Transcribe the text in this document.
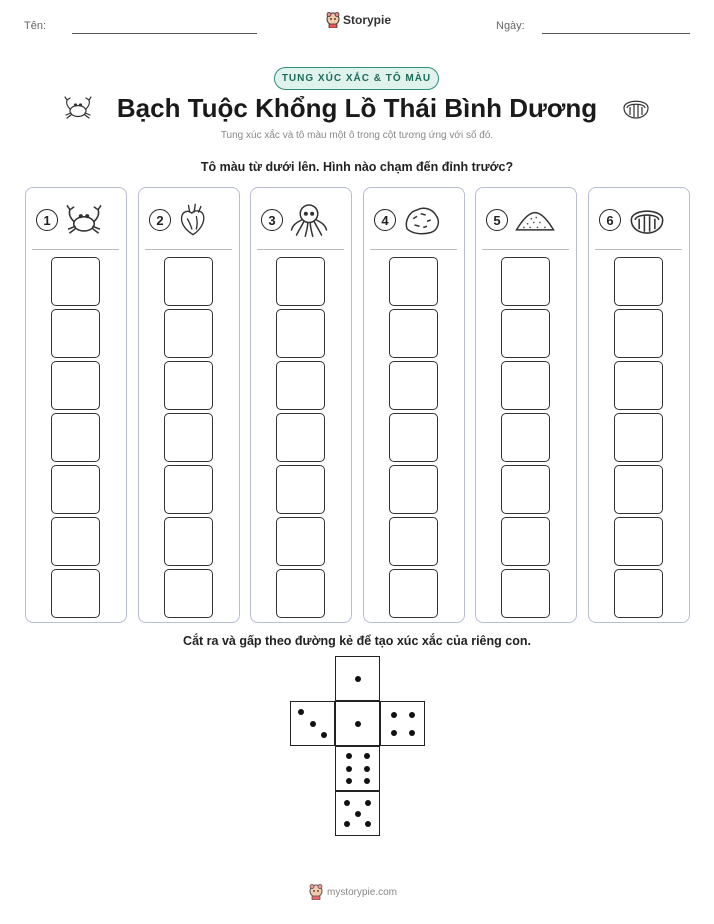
Tên:	Storypie	Ngày:
TUNG XÚC XẮC & TÔ MÀU
Bạch Tuộc Khổng Lồ Thái Bình Dương
Tung xúc xắc và tô màu một ô trong cột tương ứng với số đó.
Tô màu từ dưới lên. Hình nào chạm đến đỉnh trước?
1	2	3	4	5	6
Cắt ra và gấp theo đường kẻ để tạo xúc xắc của riêng con.
mystorypie.com
